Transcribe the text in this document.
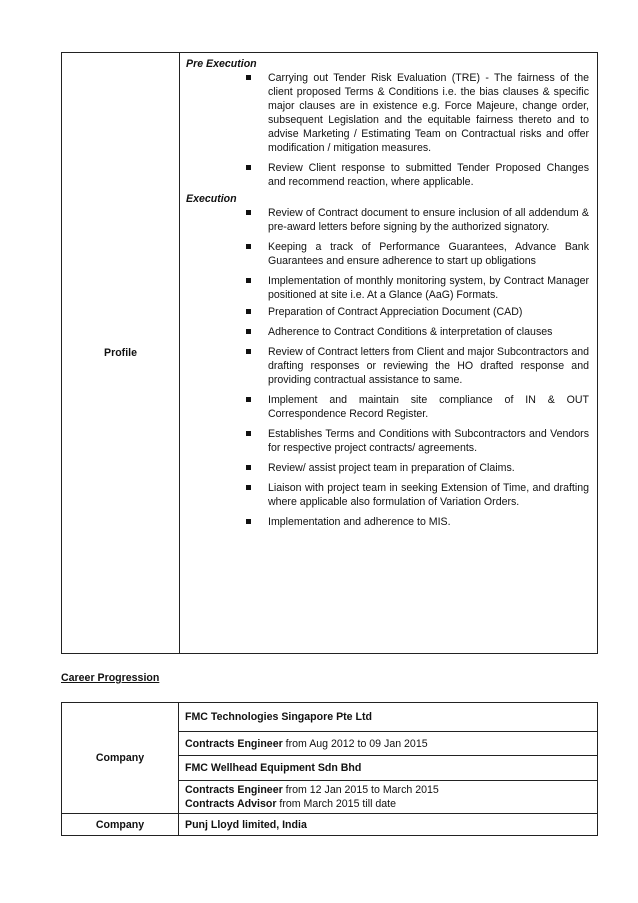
Profile

Pre Execution

Carrying out Tender Risk Evaluation (TRE) - The fairness of the client proposed Terms & Conditions i.e. the bias clauses & specific major clauses are in existence e.g. Force Majeure, change order, subsequent Legislation and the equitable fairness thereto and to advise Marketing / Estimating Team on Contractual risks and offer modification / mitigation measures.
Review Client response to submitted Tender Proposed Changes and recommend reaction, where applicable.

Execution

Review of Contract document to ensure inclusion of all addendum & pre-award letters before signing by the authorized signatory.
Keeping a track of Performance Guarantees, Advance Bank Guarantees and ensure adherence to start up obligations
Implementation of monthly monitoring system, by Contract Manager positioned at site i.e. At a Glance (AaG) Formats.
Preparation of Contract Appreciation Document (CAD)
Adherence to Contract Conditions & interpretation of clauses
Review of Contract letters from Client and major Subcontractors and drafting responses or reviewing the HO drafted response and providing contractual assistance to same.
Implement and maintain site compliance of IN & OUT Correspondence Record Register.
Establishes Terms and Conditions with Subcontractors and Vendors for respective project contracts/ agreements.
Review/ assist project team in preparation of Claims.
Liaison with project team in seeking Extension of Time, and drafting where applicable also formulation of Variation Orders.
Implementation and adherence to MIS.
Career Progression
Company	FMC Technologies Singapore Pte Ltd
	Contracts Engineer from Aug 2012 to 09 Jan 2015
	FMC Wellhead Equipment Sdn Bhd

	Contracts Engineer from 12 Jan 2015 to March 2015
Contracts Advisor from March 2015 till date

Company	Punj Lloyd limited, India
